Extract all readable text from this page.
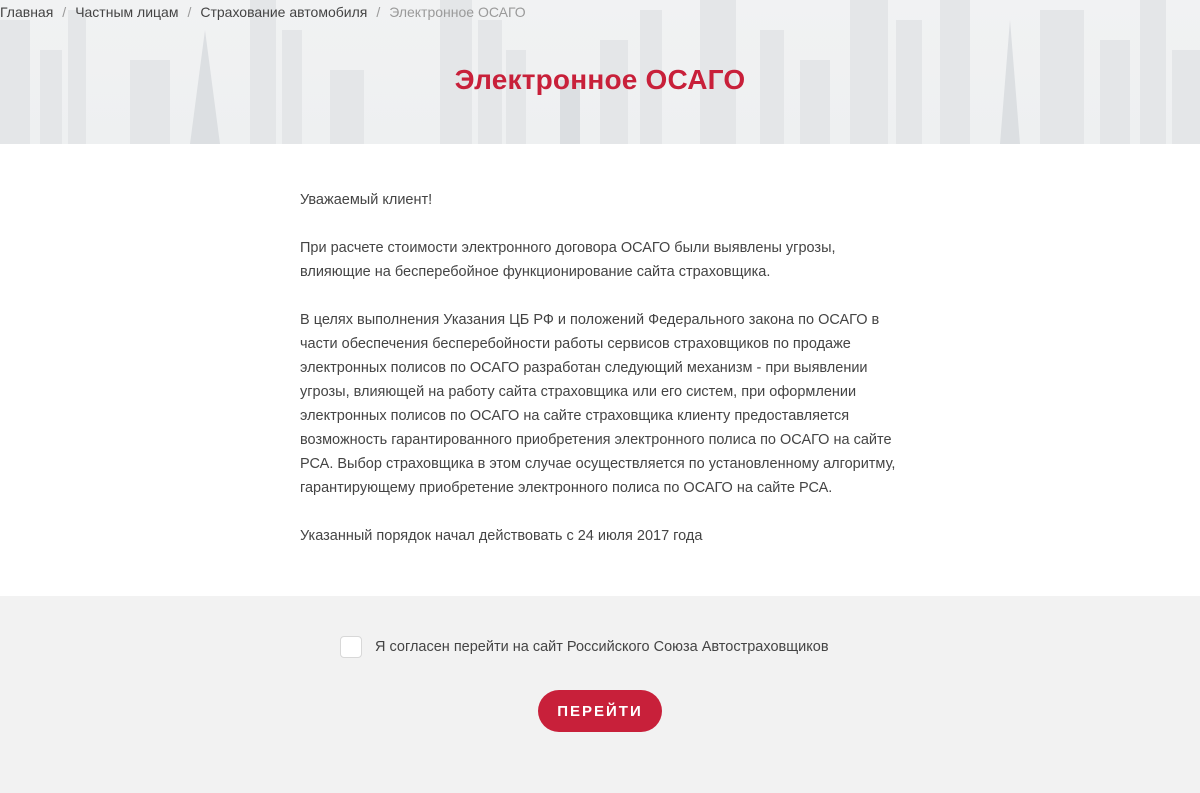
Главная / Частным лицам / Страхование автомобиля / Электронное ОСАГО
Электронное ОСАГО

Уважаемый клиент!

При расчете стоимости электронного договора ОСАГО были выявлены угрозы, влияющие на бесперебойное функционирование сайта страховщика.

В целях выполнения Указания ЦБ РФ и положений Федерального закона по ОСАГО в части обеспечения бесперебойности работы сервисов страховщиков по продаже электронных полисов по ОСАГО разработан следующий механизм - при выявлении угрозы, влияющей на работу сайта страховщика или его систем, при оформлении электронных полисов по ОСАГО на сайте страховщика клиенту предоставляется возможность гарантированного приобретения электронного полиса по ОСАГО на сайте РСА. Выбор страховщика в этом случае осуществляется по установленному алгоритму, гарантирующему приобретение электронного полиса по ОСАГО на сайте РСА.

Указанный порядок начал действовать с 24 июля 2017 года

Я согласен перейти на сайт Российского Союза Автостраховщиков
ПЕРЕЙТИ
